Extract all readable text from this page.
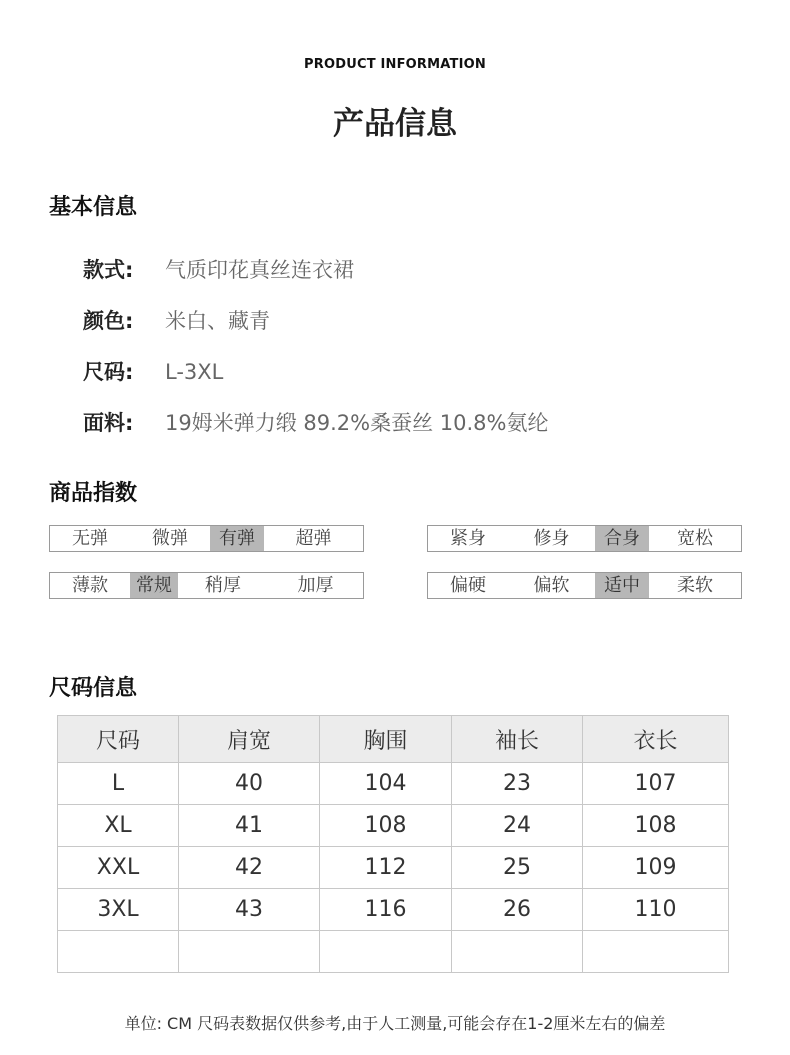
PRODUCT INFORMATION
产品信息
基本信息
款式: 气质印花真丝连衣裙
颜色: 米白、藏青
尺码: L-3XL
面料: 19姆米弹力缎 89.2%桑蚕丝 10.8%氨纶
商品指数
无弹	微弹	有弹	超弹	紧身	修身	合身	宽松
薄款	常规	稍厚	加厚	偏硬	偏软	适中	柔软
尺码信息
尺码	肩宽	胸围	袖长	衣长
L	40	104	23	107
XL	41	108	24	108
XXL	42	112	25	109
3XL	43	116	26	110

单位: CM 尺码表数据仅供参考,由于人工测量,可能会存在1-2厘米左右的偏差
